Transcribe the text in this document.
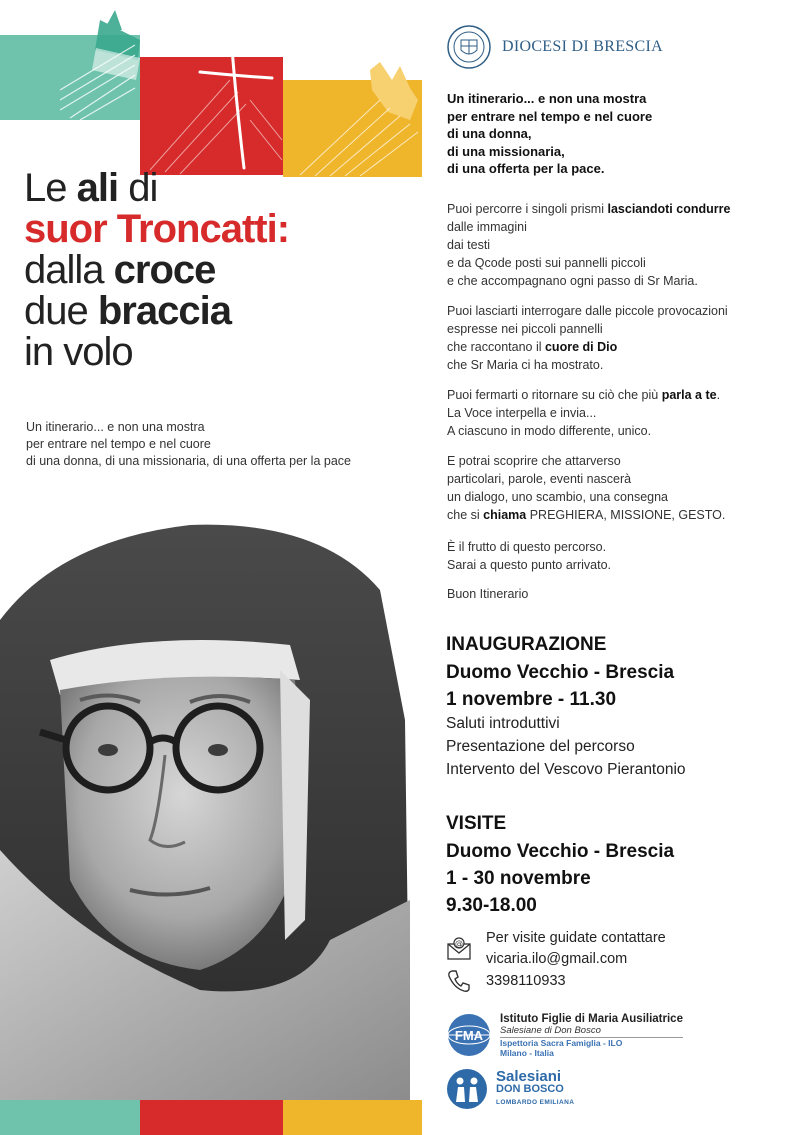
Le ali di
suor Troncatti:
dalla croce
due braccia
in volo
Un itinerario... e non una mostra
per entrare nel tempo e nel cuore
di una donna, di una missionaria, di una offerta per la pace
DIOCESI DI BRESCIA
Un itinerario... e non una mostra
per entrare nel tempo e nel cuore
di una donna,
di una missionaria,
di una offerta per la pace.
Puoi percorre i singoli prismi lasciandoti condurre
dalle immagini
dai testi
e da Qcode posti sui pannelli piccoli
e che accompagnano ogni passo di Sr Maria.
Puoi lasciarti interrogare dalle piccole provocazioni
espresse nei piccoli pannelli
che raccontano il cuore di Dio
che Sr Maria ci ha mostrato.
Puoi fermarti o ritornare su ciò che più parla a te.
La Voce interpella e invia...
A ciascuno in modo differente, unico.
E potrai scoprire che attarverso
particolari, parole, eventi nascerà
un dialogo, uno scambio, una consegna
che si chiama PREGHIERA, MISSIONE, GESTO.
È il frutto di questo percorso.
Sarai a questo punto arrivato.
Buon Itinerario
INAUGURAZIONE
Duomo Vecchio - Brescia
1 novembre - 11.30
Saluti introduttivi
Presentazione del percorso
Intervento del Vescovo Pierantonio
VISITE
Duomo Vecchio - Brescia
1 - 30 novembre
9.30-18.00
@ Per visite guidate contattare
vicaria.ilo@gmail.com
3398110933
FMA
Istituto Figlie di Maria Ausiliatrice
Salesiane di Don Bosco
Ispettoria Sacra Famiglia - ILO
Milano - Italia
Salesiani
DON BOSCO
LOMBARDO EMILIANA
